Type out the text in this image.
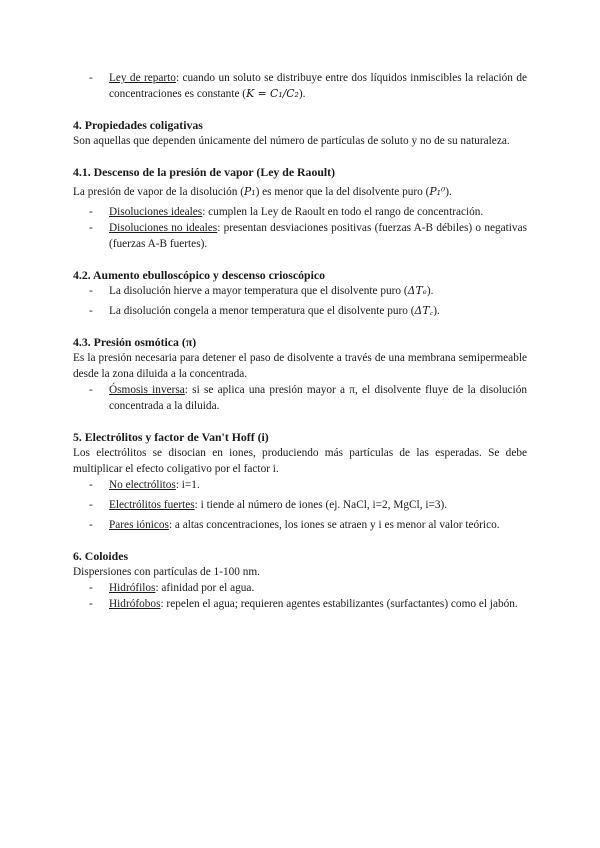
- Ley de reparto: cuando un soluto se distribuye entre dos líquidos inmiscibles la relación de concentraciones es constante (K = C₁/C₂).
4. Propiedades coligativas
Son aquellas que dependen únicamente del número de partículas de soluto y no de su naturaleza.
4.1. Descenso de la presión de vapor (Ley de Raoult)
La presión de vapor de la disolución (P₁) es menor que la del disolvente puro (P₁⁰).
- Disoluciones ideales: cumplen la Ley de Raoult en todo el rango de concentración.
- Disoluciones no ideales: presentan desviaciones positivas (fuerzas A-B débiles) o negativas (fuerzas A-B fuertes).
4.2. Aumento ebulloscópico y descenso crioscópico
- La disolución hierve a mayor temperatura que el disolvente puro (ΔTₑ).
- La disolución congela a menor temperatura que el disolvente puro (ΔT꜀).
4.3. Presión osmótica (π)
Es la presión necesaria para detener el paso de disolvente a través de una membrana semipermeable desde la zona diluida a la concentrada.
- Ósmosis inversa: si se aplica una presión mayor a π, el disolvente fluye de la disolución concentrada a la diluida.
5. Electrólitos y factor de Van't Hoff (i)
Los electrólitos se disocian en iones, produciendo más partículas de las esperadas. Se debe multiplicar el efecto coligativo por el factor i.
- No electrólitos: i=1.
- Electrólitos fuertes: i tiende al número de iones (ej. NaCl, i=2, MgCl, i=3).
- Pares iónicos: a altas concentraciones, los iones se atraen y i es menor al valor teórico.
6. Coloides
Dispersiones con partículas de 1-100 nm.
- Hidrófilos: afinidad por el agua.
- Hidrófobos: repelen el agua; requieren agentes estabilizantes (surfactantes) como el jabón.
